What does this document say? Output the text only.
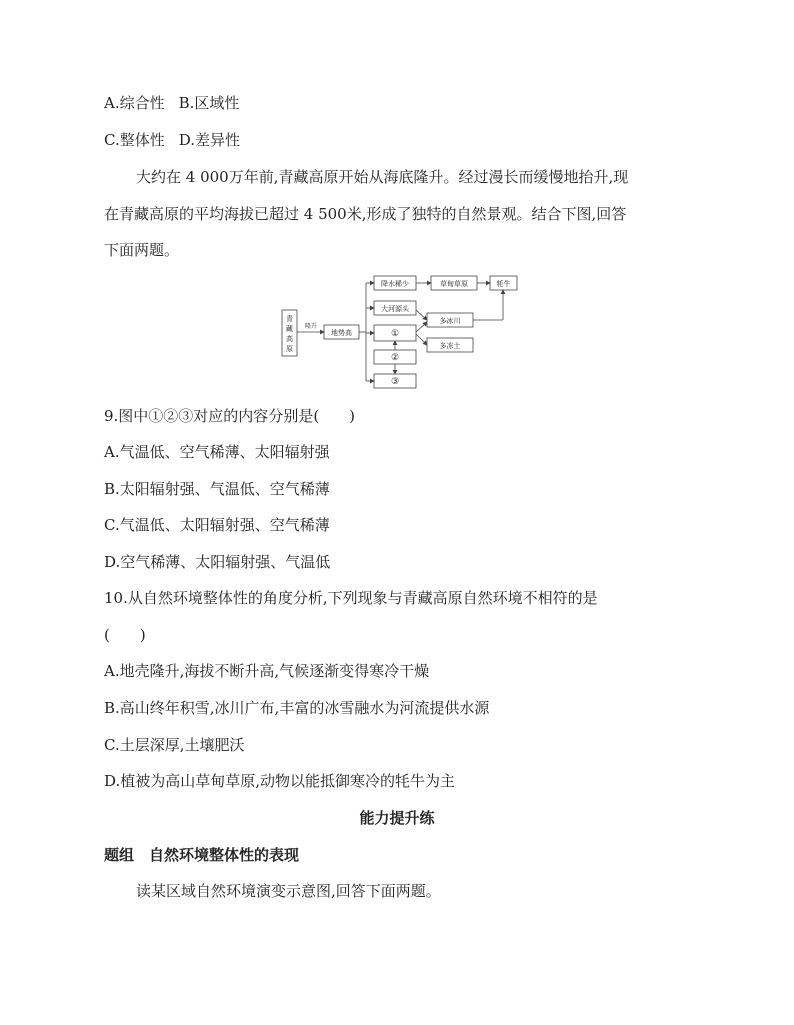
A.综合性 B.区域性
C.整体性 D.差异性
大约在 4 000万年前,青藏高原开始从海底隆升。经过漫长而缓慢地抬升,现
在青藏高原的平均海拔已超过 4 500米,形成了独特的自然景观。结合下图,回答
下面两题。
青
藏
高
原
隆升
地势高
降水稀少	草甸草原	牦牛
大河源头
多冰川
多冻土
①
②
③
9.图中①②③对应的内容分别是(　　)
A.气温低、空气稀薄、太阳辐射强
B.太阳辐射强、气温低、空气稀薄
C.气温低、太阳辐射强、空气稀薄
D.空气稀薄、太阳辐射强、气温低
10.从自然环境整体性的角度分析,下列现象与青藏高原自然环境不相符的是
(　　)
A.地壳隆升,海拔不断升高,气候逐渐变得寒冷干燥
B.高山终年积雪,冰川广布,丰富的冰雪融水为河流提供水源
C.土层深厚,土壤肥沃
D.植被为高山草甸草原,动物以能抵御寒冷的牦牛为主
能力提升练
题组　自然环境整体性的表现
读某区域自然环境演变示意图,回答下面两题。
